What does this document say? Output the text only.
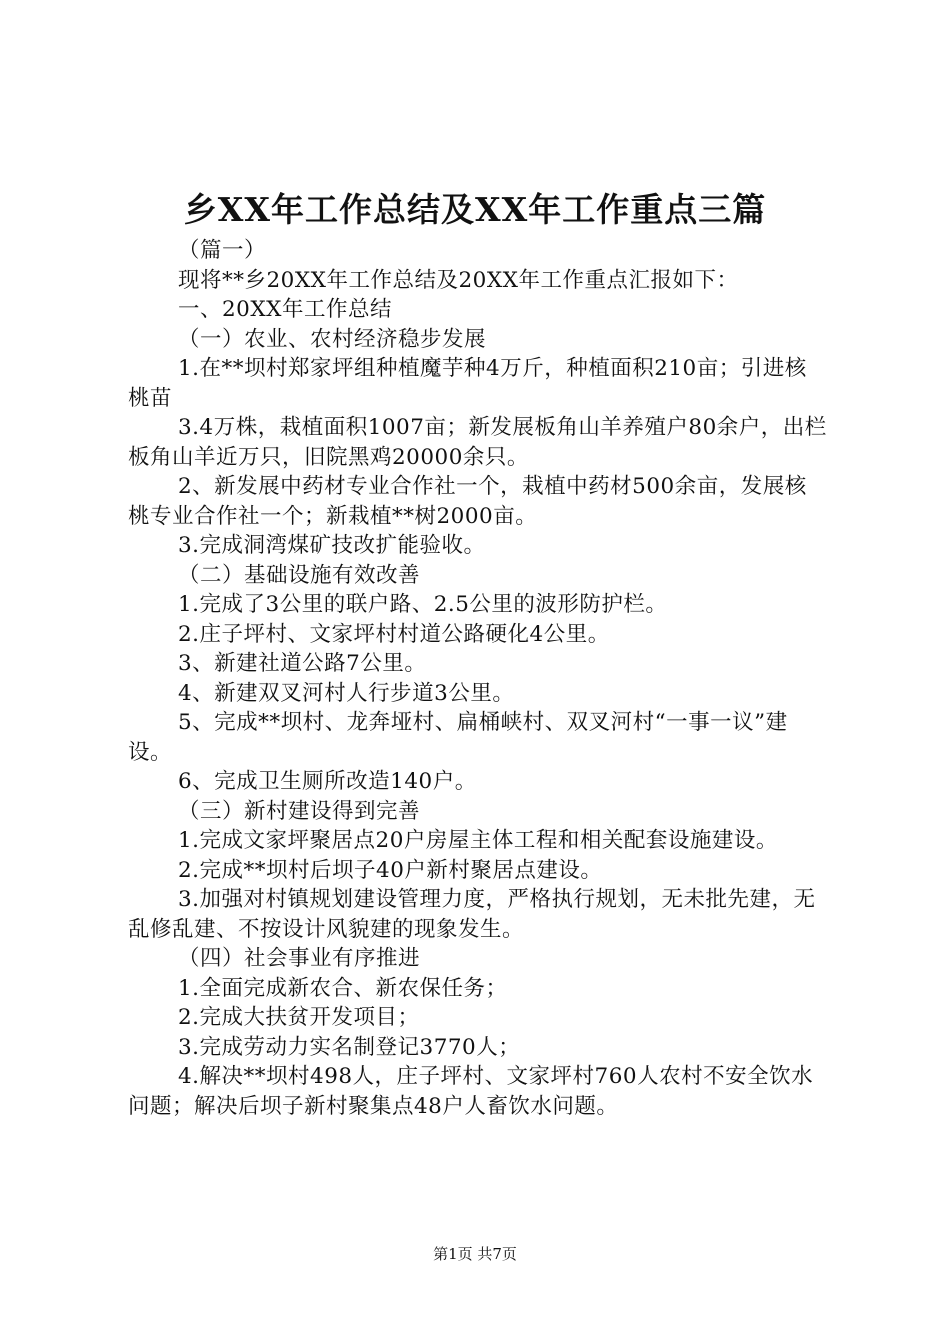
乡XX年工作总结及XX年工作重点三篇

（篇一）

现将**乡20XX年工作总结及20XX年工作重点汇报如下：

一、20XX年工作总结

（一）农业、农村经济稳步发展

1.在**坝村郑家坪组种植魔芋种4万斤，种植面积210亩；引进核桃苗

3.4万株，栽植面积1007亩；新发展板角山羊养殖户80余户，出栏板角山羊近万只，旧院黑鸡20000余只。

2、新发展中药材专业合作社一个，栽植中药材500余亩，发展核桃专业合作社一个；新栽植**树2000亩。

3.完成洞湾煤矿技改扩能验收。

（二）基础设施有效改善

1.完成了3公里的联户路、2.5公里的波形防护栏。

2.庄子坪村、文家坪村村道公路硬化4公里。

3、新建社道公路7公里。

4、新建双叉河村人行步道3公里。

5、完成**坝村、龙奔垭村、扁桶峡村、双叉河村“一事一议”建设。

6、完成卫生厕所改造140户。

（三）新村建设得到完善

1.完成文家坪聚居点20户房屋主体工程和相关配套设施建设。

2.完成**坝村后坝子40户新村聚居点建设。

3.加强对村镇规划建设管理力度，严格执行规划，无未批先建，无乱修乱建、不按设计风貌建的现象发生。

（四）社会事业有序推进

1.全面完成新农合、新农保任务；

2.完成大扶贫开发项目；

3.完成劳动力实名制登记3770人；

4.解决**坝村498人，庄子坪村、文家坪村760人农村不安全饮水问题；解决后坝子新村聚集点48户人畜饮水问题。

第1页 共7页
